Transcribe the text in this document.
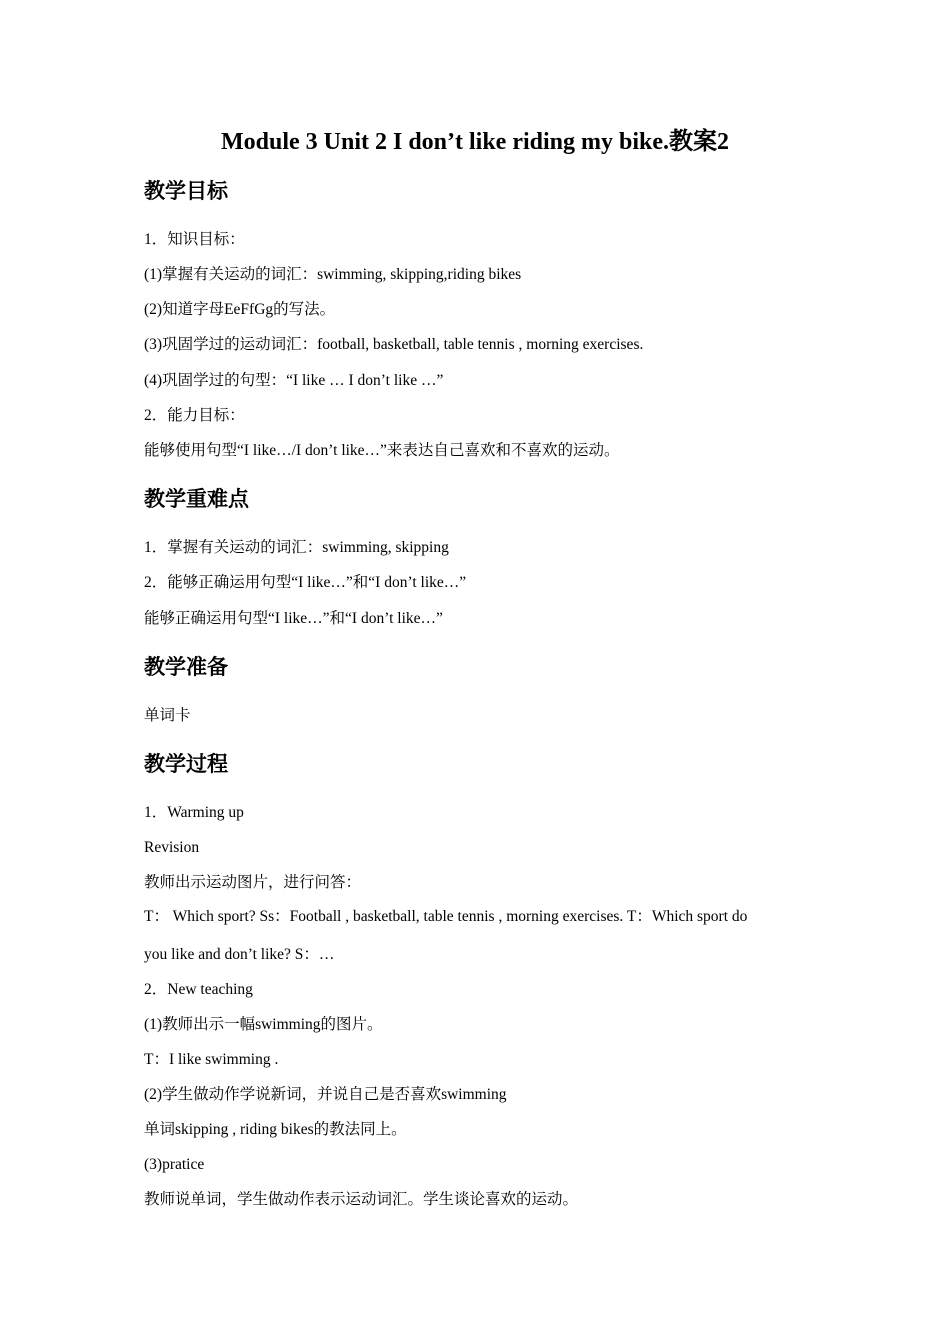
Module 3 Unit 2 I don’t like riding my bike.教案2
教学目标
1．知识目标：
(1)掌握有关运动的词汇：swimming, skipping,riding bikes
(2)知道字母EeFfGg的写法。
(3)巩固学过的运动词汇：football, basketball, table tennis , morning exercises.
(4)巩固学过的句型：“I like … I don’t like …”
2．能力目标：
能够使用句型“I like…/I don’t like…”来表达自己喜欢和不喜欢的运动。
教学重难点
1．掌握有关运动的词汇：swimming, skipping
2．能够正确运用句型“I like…”和“I don’t like…”
能够正确运用句型“I like…”和“I don’t like…”
教学准备
单词卡
教学过程
1．Warming up
Revision
教师出示运动图片，进行问答：
T： Which sport? Ss：Football , basketball, table tennis , morning exercises. T：Which sport do
you like and don’t like? S：…
2．New teaching
(1)教师出示一幅swimming的图片。
T：I like swimming .
(2)学生做动作学说新词，并说自己是否喜欢swimming
单词skipping , riding bikes的教法同上。
(3)pratice
教师说单词，学生做动作表示运动词汇。学生谈论喜欢的运动。
